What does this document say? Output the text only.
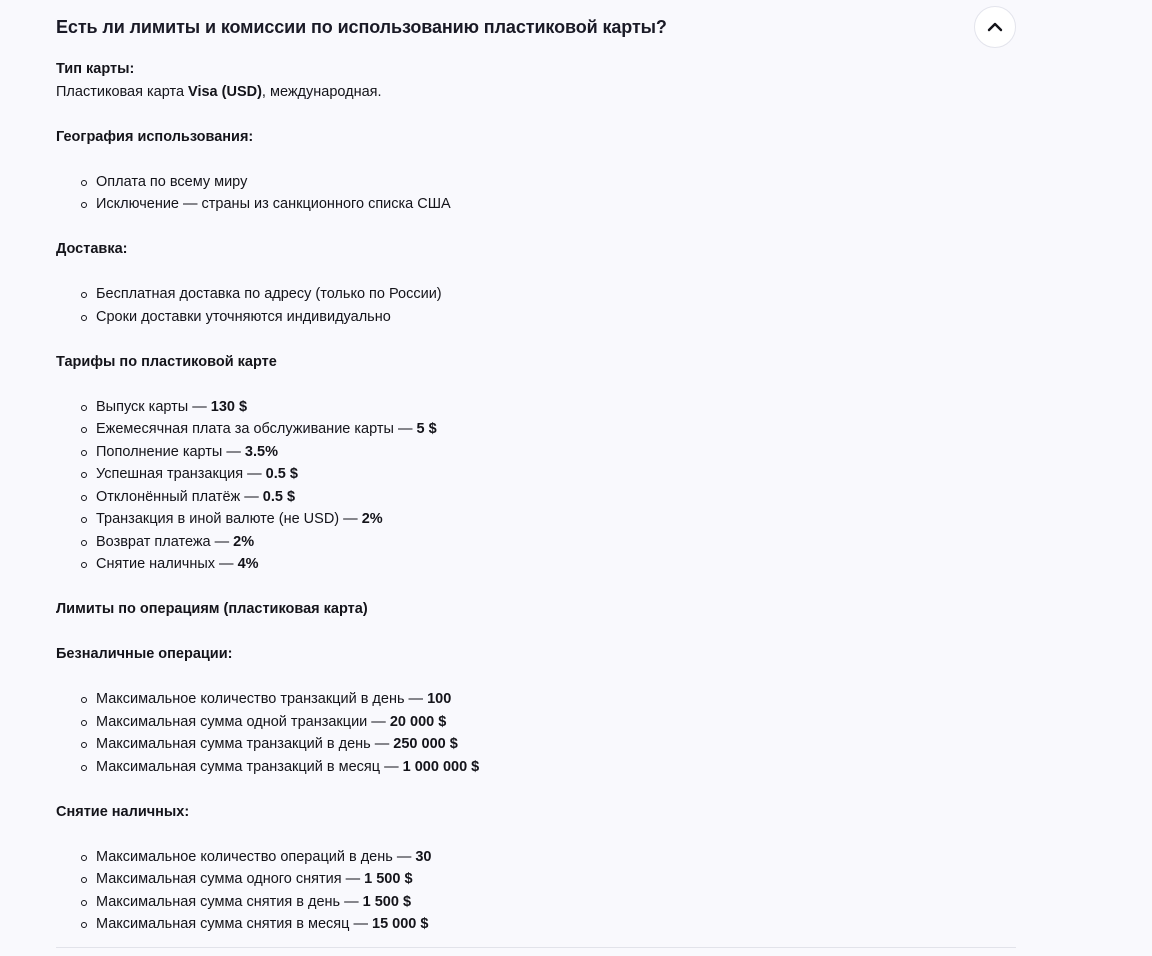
Есть ли лимиты и комиссии по использованию пластиковой карты?

Тип карты:

Пластиковая карта Visa (USD), международная.

География использования:

Оплата по всему миру
Исключение — страны из санкционного списка США

Доставка:

Бесплатная доставка по адресу (только по России)
Сроки доставки уточняются индивидуально

Тарифы по пластиковой карте

Выпуск карты — 130 $
Ежемесячная плата за обслуживание карты — 5 $
Пополнение карты — 3.5%
Успешная транзакция — 0.5 $
Отклонённый платёж — 0.5 $
Транзакция в иной валюте (не USD) — 2%
Возврат платежа — 2%
Снятие наличных — 4%

Лимиты по операциям (пластиковая карта)

Безналичные операции:

Максимальное количество транзакций в день — 100
Максимальная сумма одной транзакции — 20 000 $
Максимальная сумма транзакций в день — 250 000 $
Максимальная сумма транзакций в месяц — 1 000 000 $

Снятие наличных:

Максимальное количество операций в день — 30
Максимальная сумма одного снятия — 1 500 $
Максимальная сумма снятия в день — 1 500 $
Максимальная сумма снятия в месяц — 15 000 $
